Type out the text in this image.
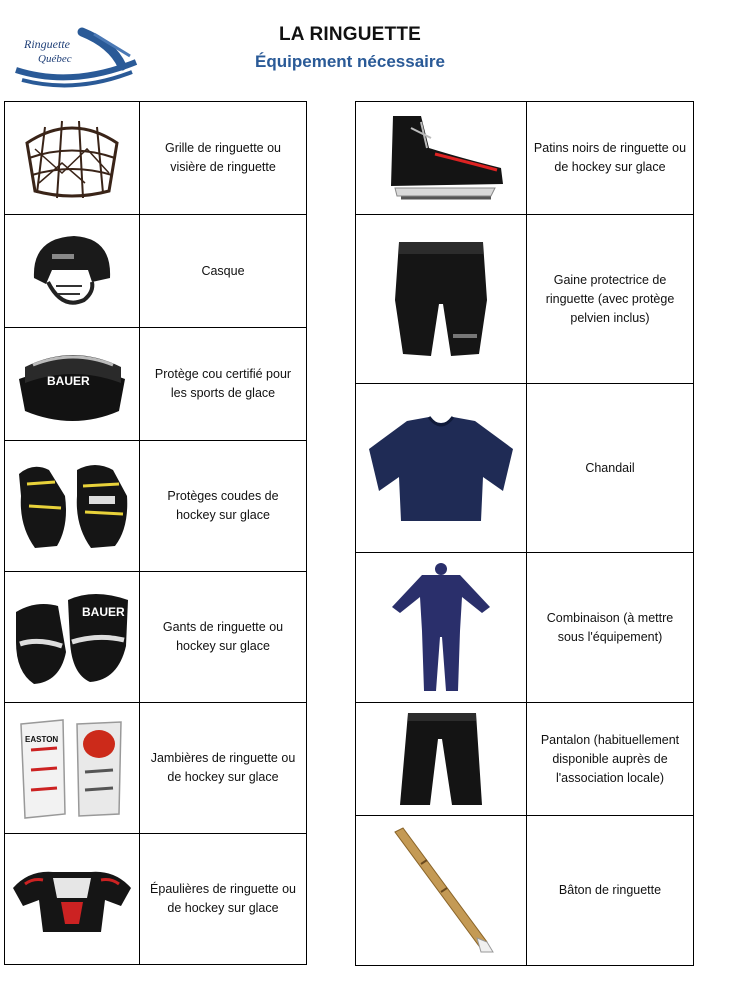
Ringuette
Québec
LA RINGUETTE
Équipement nécessaire
	Grille de ringuette ou visière de ringuette

	Casque

BAUER	Protège cou certifié pour les sports de glace

	Protèges coudes de hockey sur glace

BAUER	Gants de ringuette ou hockey sur glace

EASTON	Jambières de ringuette ou de hockey sur glace

	Épaulières de ringuette ou de hockey sur glace
	Patins noirs de ringuette ou de hockey sur glace

	Gaine protectrice de ringuette (avec protège pelvien inclus)

	Chandail

	Combinaison (à mettre sous l'équipement)

	Pantalon (habituellement disponible auprès de l'association locale)

	Bâton de ringuette
